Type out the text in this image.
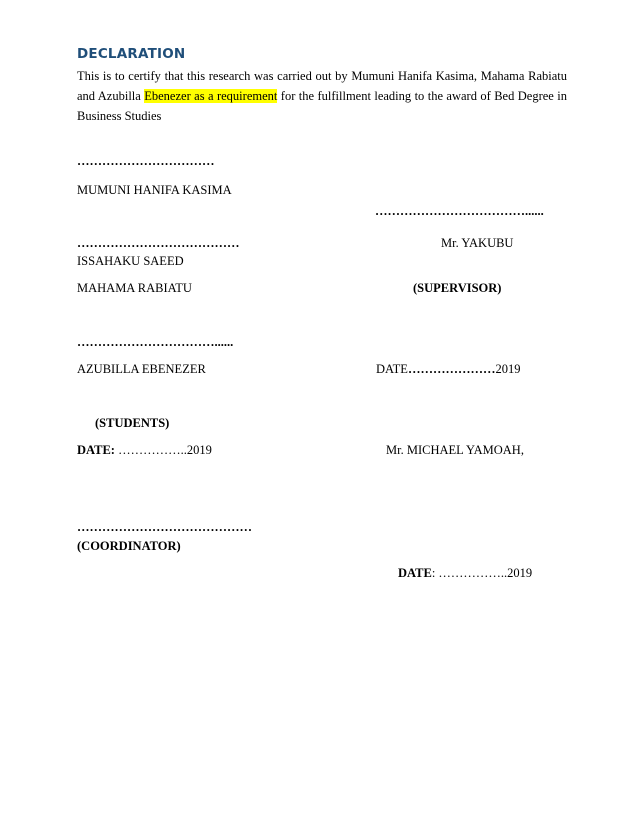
DECLARATION
This is to certify that this research was carried out by Mumuni Hanifa Kasima, Mahama Rabiatu and Azubilla Ebenezer as a requirement for the fulfillment leading to the award of Bed Degree in Business Studies
……………………………
MUMUNI HANIFA KASIMA
………………………………......
…………………………………	Mr. YAKUBU
ISSAHAKU SAEED
MAHAMA RABIATU	(SUPERVISOR)
……………………………......
AZUBILLA EBENEZER	DATE…………………2019
(STUDENTS)
DATE: ……………..2019	Mr. MICHAEL YAMOAH,
……………………………………
(COORDINATOR)
DATE: ……………..2019
